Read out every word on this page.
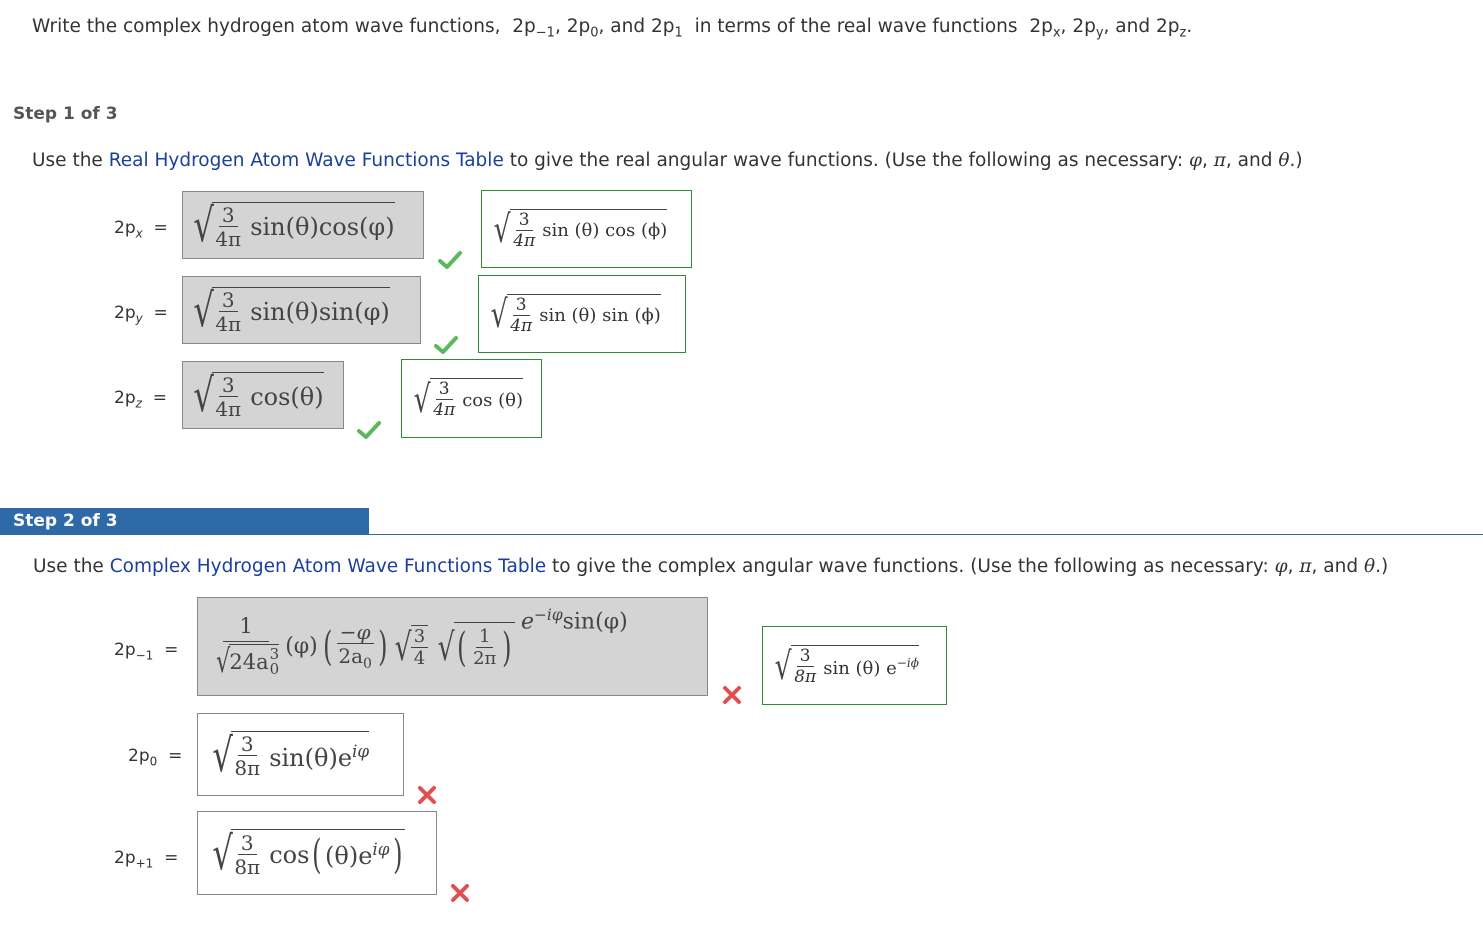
Write the complex hydrogen atom wave functions, $2p_{-1}$, $2p_0$, and $2p_1$ in terms of the real wave functions $2p_x$, $2p_y$, and $2p_z$.
Step 1 of 3
Use the Real Hydrogen Atom Wave Functions Table to give the real angular wave functions. (Use the following as necessary: φ, π, and θ.)
$2p_x$ = √
$\frac{3}{4\pi} \sin(\theta)\cos(\varphi)$	√ $\frac{3}{4\pi}$ sin (θ) cos (ϕ)
$2p_y$ = √
$\frac{3}{4\pi} \sin(\theta)\sin(\varphi)$	√ $\frac{3}{4\pi}$ sin (θ) sin (ϕ)
$2p_z$ = √
$\frac{3}{4\pi} \cos(\theta)$ √ $\frac{3}{4\pi}$ cos (θ)
Step 2 of 3
Use the Complex Hydrogen Atom Wave Functions Table to give the complex angular wave functions. (Use the following as necessary: φ, π, and θ.)
$2p_{-1} = 1$
√ 24a 3
0 (φ) ( $\frac{-\varphi}{2a_0}$ ) √ $\frac{3}{4}$ √ ( $\frac{1}{2\pi}$ )
$e^{-i\varphi}\sin(\varphi)$
√ $\frac{3}{8\pi}$ sin (θ) $e^{-i\phi}$
$2p_0$ = √
$\frac{3}{8\pi} \sin(\theta)e^{i\varphi}$
$2p_{+1}$ = √
$\frac{3}{8\pi}$ cos ( $(\theta)e^{i\varphi}$ )
